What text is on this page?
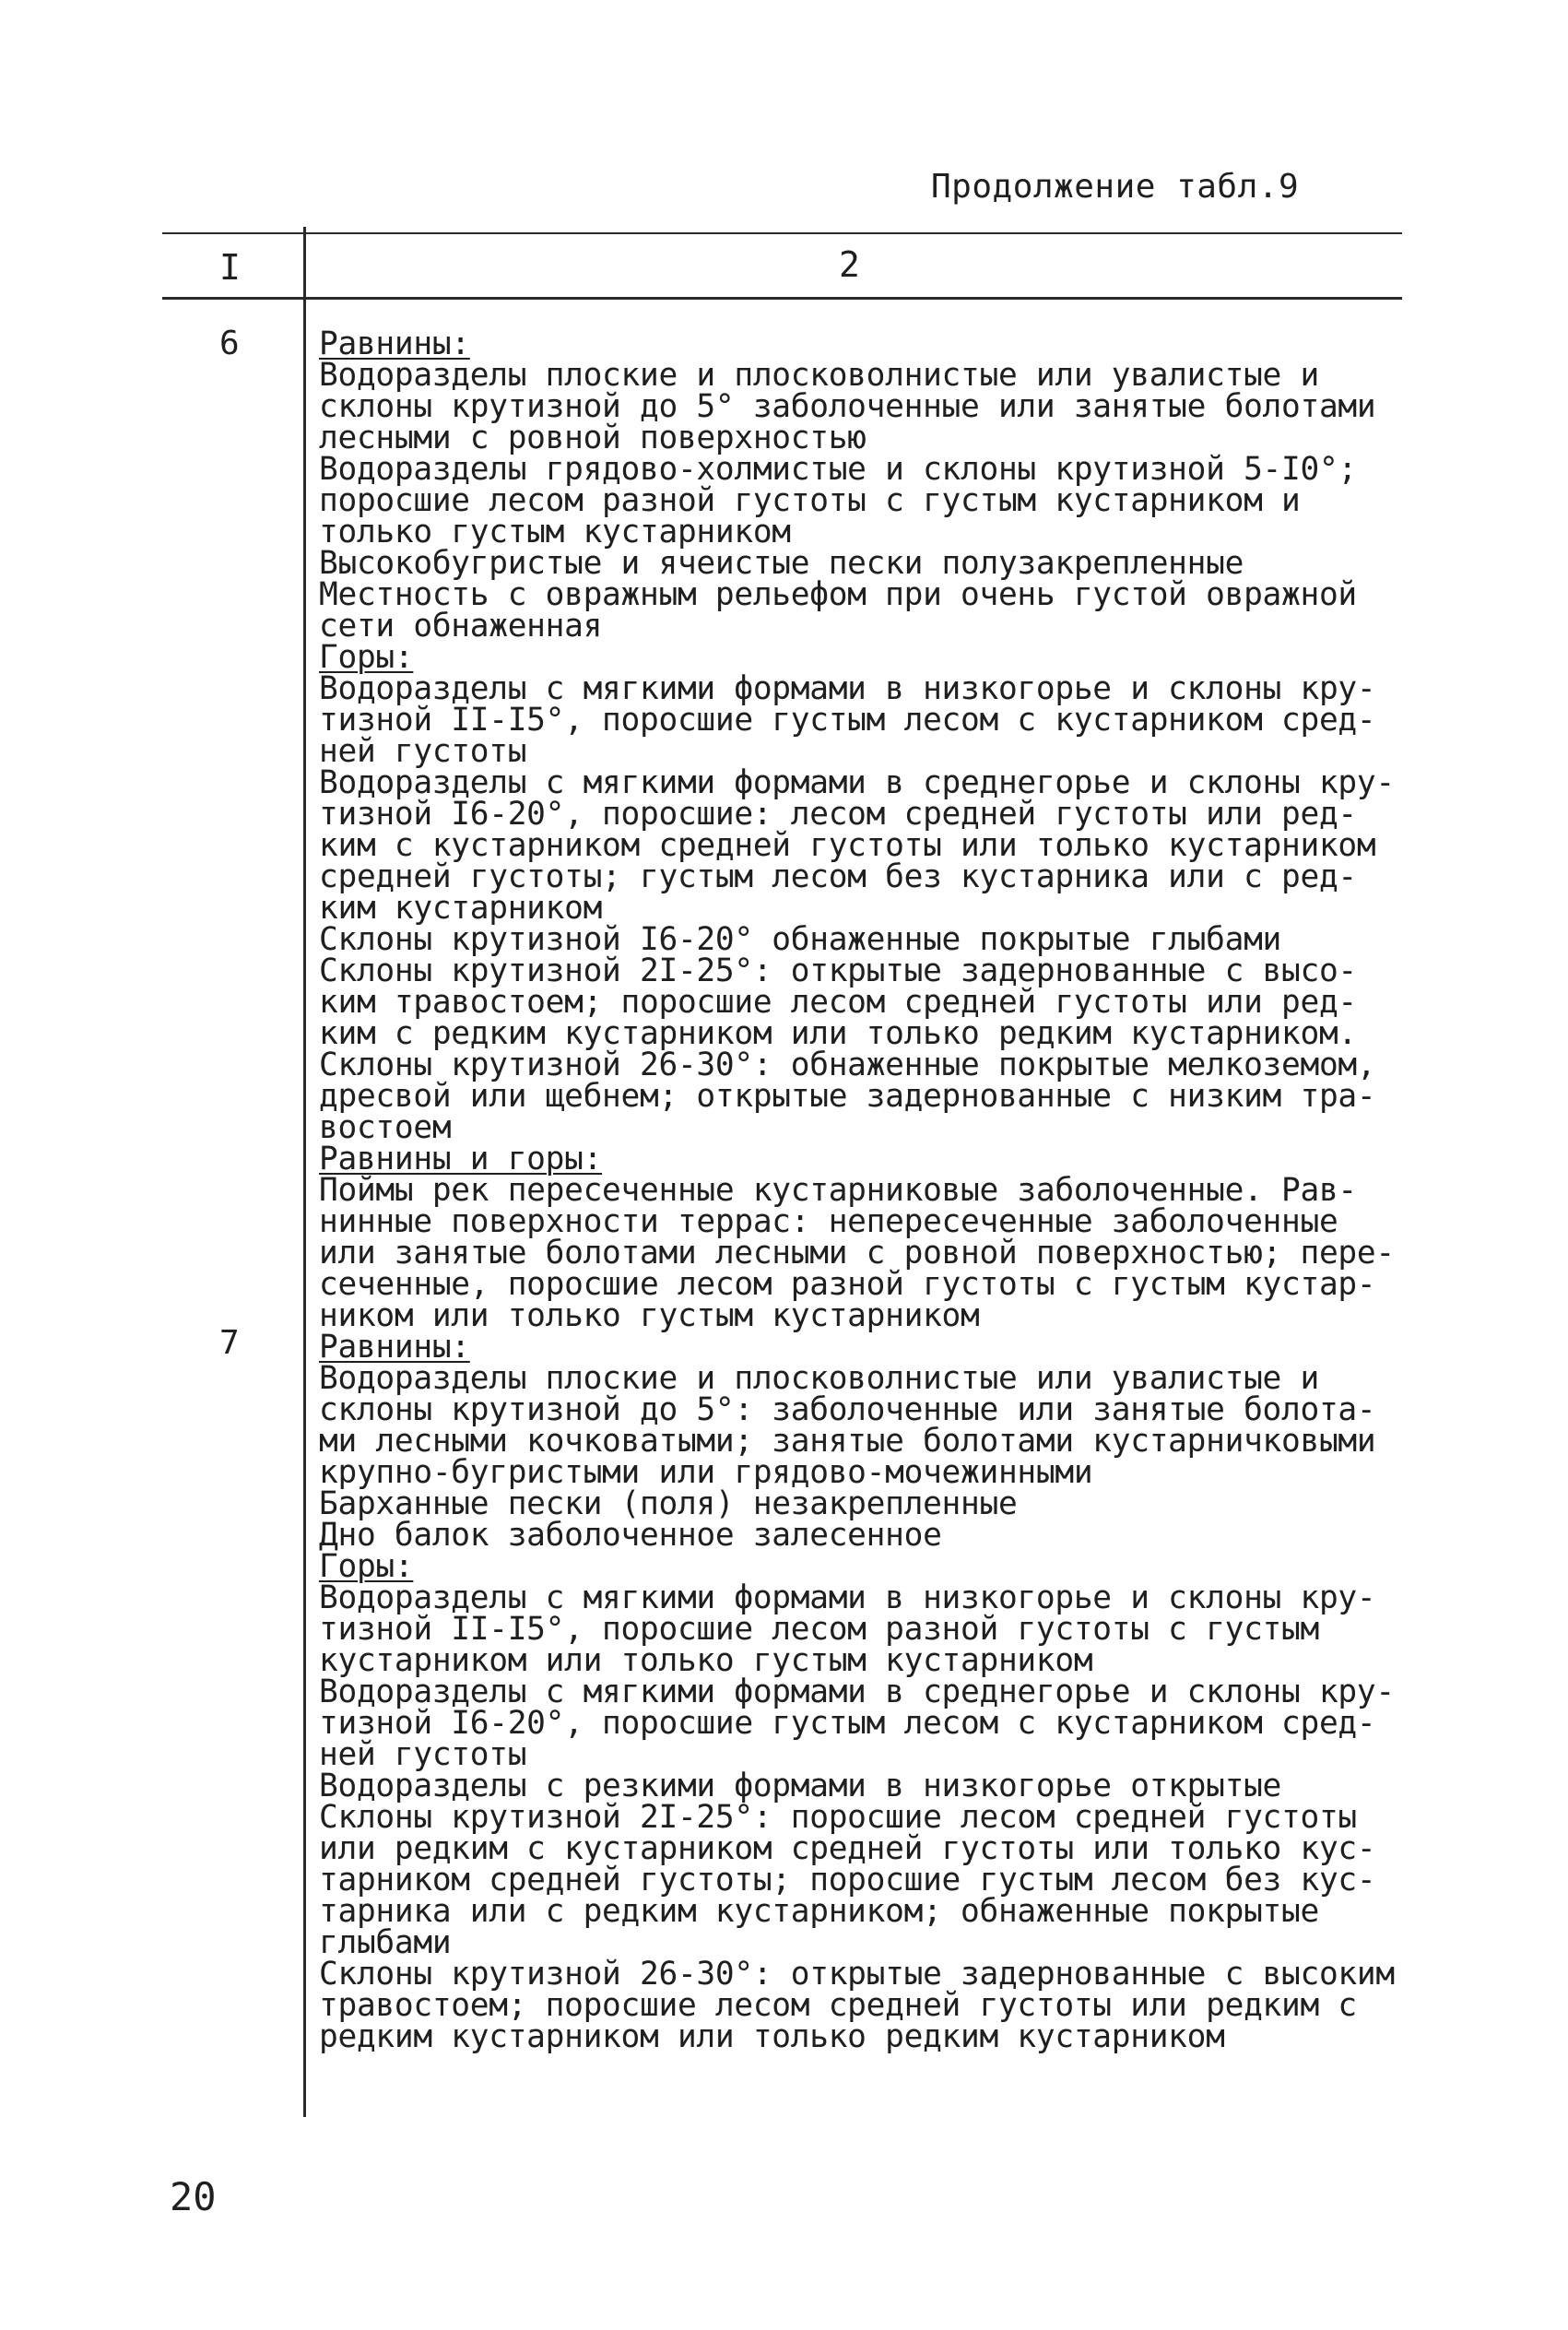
Продолжение табл.9
I	2
6
7
Равнины:
Водоразделы плоские и плосковолнистые или увалистые и
склоны крутизной до 5° заболоченные или занятые болотами
лесными с ровной поверхностью
Водоразделы грядово-холмистые и склоны крутизной 5-I0°;
поросшие лесом разной густоты с густым кустарником и
только густым кустарником
Высокобугристые и ячеистые пески полузакрепленные
Местность с овражным рельефом при очень густой овражной
сети обнаженная
Горы:
Водоразделы с мягкими формами в низкогорье и склоны кру-
тизной II-I5°, поросшие густым лесом с кустарником сред-
ней густоты
Водоразделы с мягкими формами в среднегорье и склоны кру-
тизной I6-20°, поросшие: лесом средней густоты или ред-
ким с кустарником средней густоты или только кустарником
средней густоты; густым лесом без кустарника или с ред-
ким кустарником
Склоны крутизной I6-20° обнаженные покрытые глыбами
Склоны крутизной 2I-25°: открытые задернованные с высо-
ким травостоем; поросшие лесом средней густоты или ред-
ким с редким кустарником или только редким кустарником.
Склоны крутизной 26-30°: обнаженные покрытые мелкоземом,
дресвой или щебнем; открытые задернованные с низким тра-
востоем
Равнины и горы:
Поймы рек пересеченные кустарниковые заболоченные. Рав-
нинные поверхности террас: непересеченные заболоченные
или занятые болотами лесными с ровной поверхностью; пере-
сеченные, поросшие лесом разной густоты с густым кустар-
ником или только густым кустарником
Равнины:
Водоразделы плоские и плосковолнистые или увалистые и
склоны крутизной до 5°: заболоченные или занятые болота-
ми лесными кочковатыми; занятые болотами кустарничковыми
крупно-бугристыми или грядово-мочежинными
Барханные пески (поля) незакрепленные
Дно балок заболоченное залесенное
Горы:
Водоразделы с мягкими формами в низкогорье и склоны кру-
тизной II-I5°, поросшие лесом разной густоты с густым
кустарником или только густым кустарником
Водоразделы с мягкими формами в среднегорье и склоны кру-
тизной I6-20°, поросшие густым лесом с кустарником сред-
ней густоты
Водоразделы с резкими формами в низкогорье открытые
Склоны крутизной 2I-25°: поросшие лесом средней густоты
или редким с кустарником средней густоты или только кус-
тарником средней густоты; поросшие густым лесом без кус-
тарника или с редким кустарником; обнаженные покрытые
глыбами
Склоны крутизной 26-30°: открытые задернованные с высоким
травостоем; поросшие лесом средней густоты или редким с
редким кустарником или только редким кустарником
20
